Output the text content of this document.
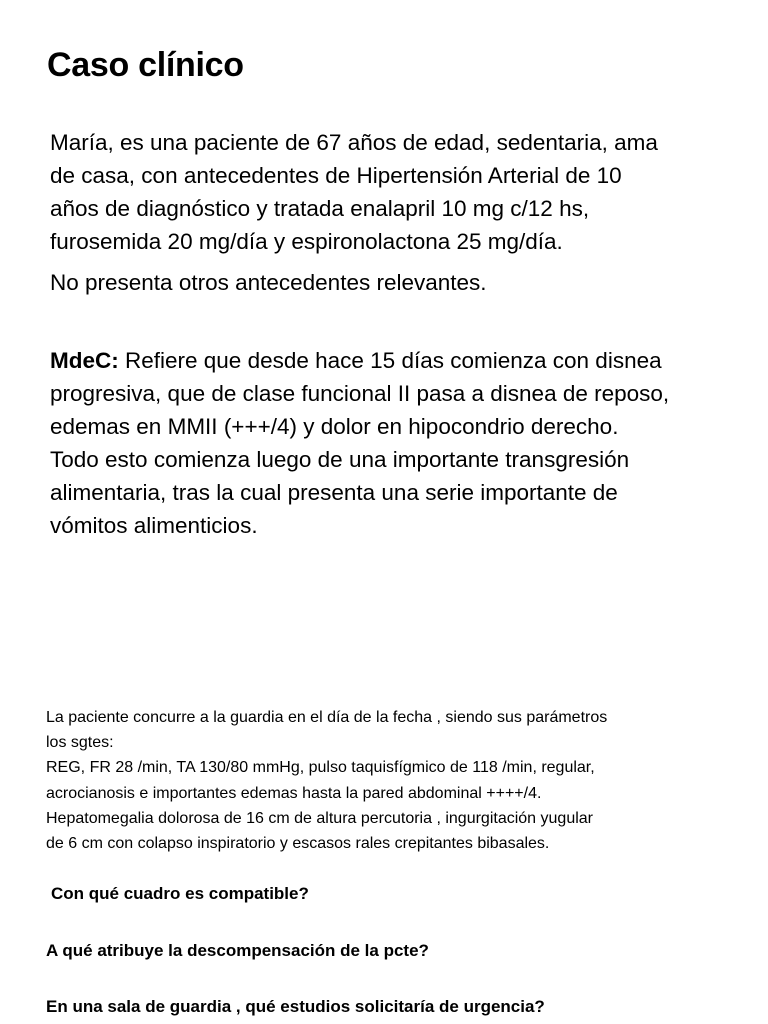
Caso clínico
María, es una paciente de 67 años de edad, sedentaria, ama
de casa, con antecedentes de Hipertensión Arterial de 10
años de diagnóstico y tratada enalapril 10 mg c/12 hs,
furosemida 20 mg/día y espironolactona 25 mg/día.
No presenta otros antecedentes relevantes.
MdeC: Refiere que desde hace 15 días comienza con disnea
progresiva, que de clase funcional II pasa a disnea de reposo,
edemas en MMII (+++/4) y dolor en hipocondrio derecho.
Todo esto comienza luego de una importante transgresión
alimentaria, tras la cual presenta una serie importante de
vómitos alimenticios.
La paciente concurre a la guardia en el día de la fecha , siendo sus parámetros
los sgtes:
REG, FR 28 /min, TA 130/80 mmHg, pulso taquisfígmico de 118 /min, regular,
acrocianosis e importantes edemas hasta la pared abdominal ++++/4.
Hepatomegalia dolorosa de 16 cm de altura percutoria , ingurgitación yugular
de 6 cm con colapso inspiratorio y escasos rales crepitantes bibasales.

Con qué cuadro es compatible?

A qué atribuye la descompensación de la pcte?

En una sala de guardia , qué estudios solicitaría de urgencia?
